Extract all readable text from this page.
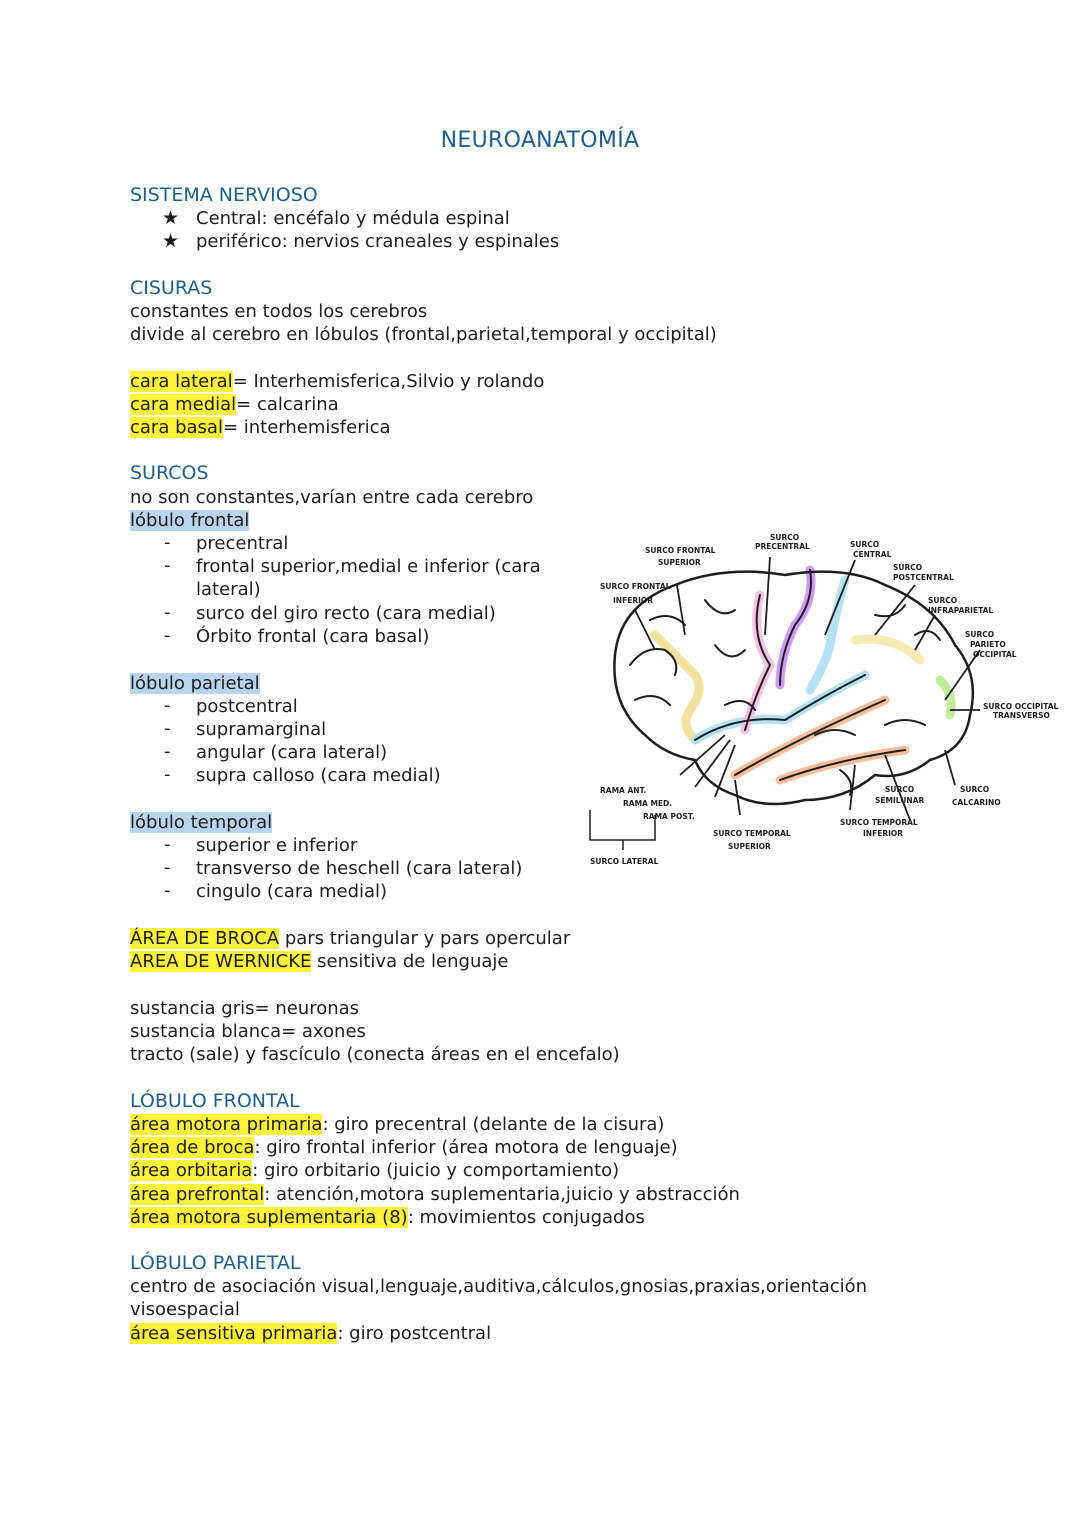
NEUROANATOMÍA
SISTEMA NERVIOSO
★ Central: encéfalo y médula espinal
★ periférico: nervios craneales y espinales
CISURAS
constantes en todos los cerebros
divide al cerebro en lóbulos (frontal,parietal,temporal y occipital)
cara lateral= Interhemisferica,Silvio y rolando
cara medial= calcarina
cara basal= interhemisferica
SURCOS
no son constantes,varían entre cada cerebro
lóbulo frontal
- precentral
- frontal superior,medial e inferior (cara
lateral)
- surco del giro recto (cara medial)
- Órbito frontal (cara basal)
lóbulo parietal
- postcentral
- supramarginal
- angular (cara lateral)
- supra calloso (cara medial)
lóbulo temporal
- superior e inferior
- transverso de heschell (cara lateral)
- cingulo (cara medial)
ÁREA DE BROCA pars triangular y pars opercular
AREA DE WERNICKE sensitiva de lenguaje
sustancia gris= neuronas
sustancia blanca= axones
tracto (sale) y fascículo (conecta áreas en el encefalo)
LÓBULO FRONTAL
área motora primaria: giro precentral (delante de la cisura)
área de broca: giro frontal inferior (área motora de lenguaje)
área orbitaria: giro orbitario (juicio y comportamiento)
área prefrontal: atención,motora suplementaria,juicio y abstracción
área motora suplementaria (8): movimientos conjugados
LÓBULO PARIETAL
centro de asociación visual,lenguaje,auditiva,cálculos,gnosias,praxias,orientación
visoespacial
área sensitiva primaria: giro postcentral
SURCO
PRECENTRAL
SURCO FRONTAL
SUPERIOR
SURCO
CENTRAL
SURCO
POSTCENTRAL
SURCO FRONTAL
INFERIOR	SURCO
INFRAPARIETAL
SURCO
PARIETO
OCCIPITAL
SURCO OCCIPITAL
TRANSVERSO
RAMA ANT.
RAMA MED.
RAMA POST.
SURCO
SEMILUNAR
SURCO
CALCARINO
SURCO TEMPORAL
INFERIOR
SURCO TEMPORAL
SUPERIOR
SURCO LATERAL
